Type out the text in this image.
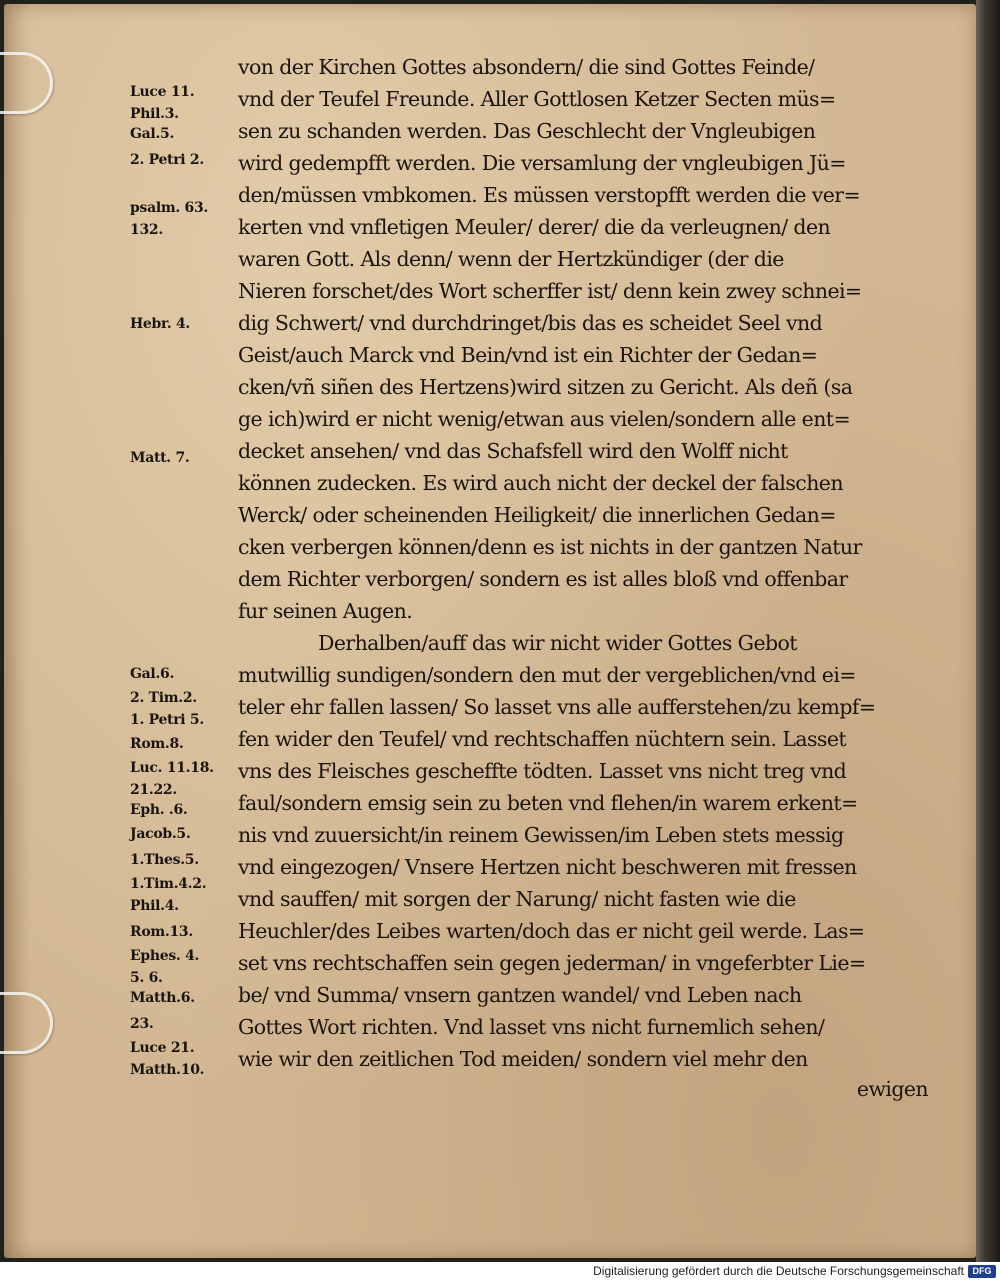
Luce 11.
Phil.3.
Gal.5.
2. Petri 2.
psalm. 63.
132.
Hebr. 4.
Matt. 7.
Gal.6.
2. Tim.2.
1. Petri 5.
Rom.8.
Luc. 11.18.
21.22.
Eph. .6.
Jacob.5.
1.Thes.5.
1.Tim.4.2.
Phil.4.
Rom.13.
Ephes. 4.
5. 6.
Matth.6.
23.
Luce 21.
Matth.10.
von der Kirchen Gottes absondern/ die sind Gottes Feinde/
vnd der Teufel Freunde. Aller Gottlosen Ketzer Secten müs=
sen zu schanden werden. Das Geschlecht der Vngleubigen
wird gedempfft werden. Die versamlung der vngleubigen Jü=
den/müssen vmbkomen. Es müssen verstopfft werden die ver=
kerten vnd vnfletigen Meuler/ derer/ die da verleugnen/ den
waren Gott. Als denn/ wenn der Hertzkündiger (der die
Nieren forschet/des Wort scherffer ist/ denn kein zwey schnei=
dig Schwert/ vnd durchdringet/bis das es scheidet Seel vnd
Geist/auch Marck vnd Bein/vnd ist ein Richter der Gedan=
cken/vñ siñen des Hertzens)wird sitzen zu Gericht. Als deñ (sa
ge ich)wird er nicht wenig/etwan aus vielen/sondern alle ent=
decket ansehen/ vnd das Schafsfell wird den Wolff nicht
können zudecken. Es wird auch nicht der deckel der falschen
Werck/ oder scheinenden Heiligkeit/ die innerlichen Gedan=
cken verbergen können/denn es ist nichts in der gantzen Natur
dem Richter verborgen/ sondern es ist alles bloß vnd offenbar
fur seinen Augen.
Derhalben/auff das wir nicht wider Gottes Gebot
mutwillig sundigen/sondern den mut der vergeblichen/vnd ei=
teler ehr fallen lassen/ So lasset vns alle aufferstehen/zu kempf=
fen wider den Teufel/ vnd rechtschaffen nüchtern sein. Lasset
vns des Fleisches gescheffte tödten. Lasset vns nicht treg vnd
faul/sondern emsig sein zu beten vnd flehen/in warem erkent=
nis vnd zuuersicht/in reinem Gewissen/im Leben stets messig
vnd eingezogen/ Vnsere Hertzen nicht beschweren mit fressen
vnd sauffen/ mit sorgen der Narung/ nicht fasten wie die
Heuchler/des Leibes warten/doch das er nicht geil werde. Las=
set vns rechtschaffen sein gegen jederman/ in vngeferbter Lie=
be/ vnd Summa/ vnsern gantzen wandel/ vnd Leben nach
Gottes Wort richten. Vnd lasset vns nicht furnemlich sehen/
wie wir den zeitlichen Tod meiden/ sondern viel mehr den
ewigen
Digitalisierung gefördert durch die Deutsche Forschungsgemeinschaft DFG
